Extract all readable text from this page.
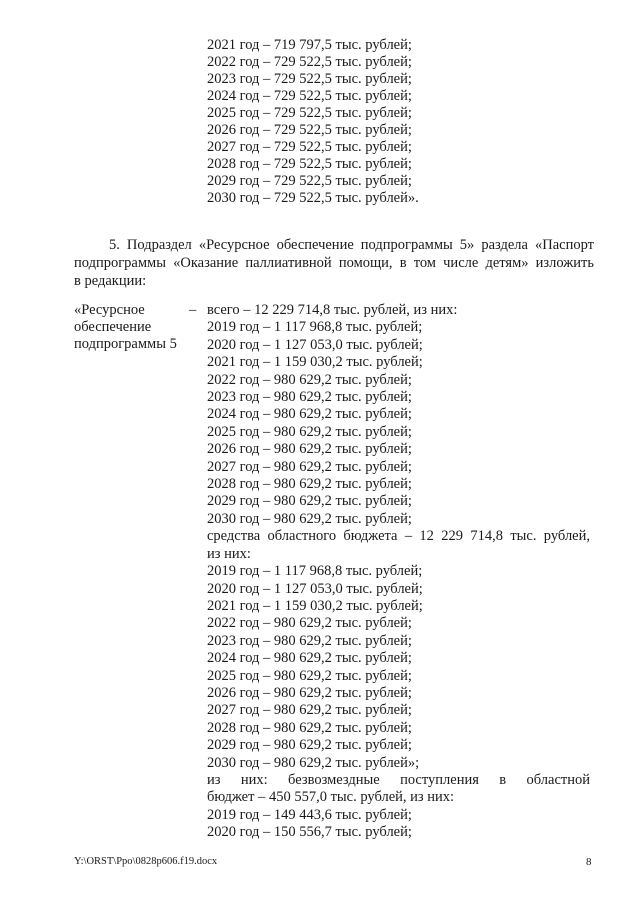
2021 год – 719 797,5 тыс. рублей;
2022 год – 729 522,5 тыс. рублей;
2023 год – 729 522,5 тыс. рублей;
2024 год – 729 522,5 тыс. рублей;
2025 год – 729 522,5 тыс. рублей;
2026 год – 729 522,5 тыс. рублей;
2027 год – 729 522,5 тыс. рублей;
2028 год – 729 522,5 тыс. рублей;
2029 год – 729 522,5 тыс. рублей;
2030 год – 729 522,5 тыс. рублей».

5. Подраздел «Ресурсное обеспечение подпрограммы 5» раздела «Паспорт

подпрограммы «Оказание паллиативной помощи, в том числе детям» изложить

в редакции:

«Ресурсное
обеспечение
подпрограммы 5
– всего – 12 229 714,8 тыс. рублей, из них:
2019 год – 1 117 968,8 тыс. рублей;
2020 год – 1 127 053,0 тыс. рублей;
2021 год – 1 159 030,2 тыс. рублей;
2022 год – 980 629,2 тыс. рублей;
2023 год – 980 629,2 тыс. рублей;
2024 год – 980 629,2 тыс. рублей;
2025 год – 980 629,2 тыс. рублей;
2026 год – 980 629,2 тыс. рублей;
2027 год – 980 629,2 тыс. рублей;
2028 год – 980 629,2 тыс. рублей;
2029 год – 980 629,2 тыс. рублей;
2030 год – 980 629,2 тыс. рублей;
средства областного бюджета – 12 229 714,8 тыс. рублей,
из них:
2019 год – 1 117 968,8 тыс. рублей;
2020 год – 1 127 053,0 тыс. рублей;
2021 год – 1 159 030,2 тыс. рублей;
2022 год – 980 629,2 тыс. рублей;
2023 год – 980 629,2 тыс. рублей;
2024 год – 980 629,2 тыс. рублей;
2025 год – 980 629,2 тыс. рублей;
2026 год – 980 629,2 тыс. рублей;
2027 год – 980 629,2 тыс. рублей;
2028 год – 980 629,2 тыс. рублей;
2029 год – 980 629,2 тыс. рублей;
2030 год – 980 629,2 тыс. рублей»;
из них: безвозмездные поступления в областной
бюджет – 450 557,0 тыс. рублей, из них:
2019 год – 149 443,6 тыс. рублей;
2020 год – 150 556,7 тыс. рублей;
Y:\ORST\Ppo\0828p606.f19.docx	8
